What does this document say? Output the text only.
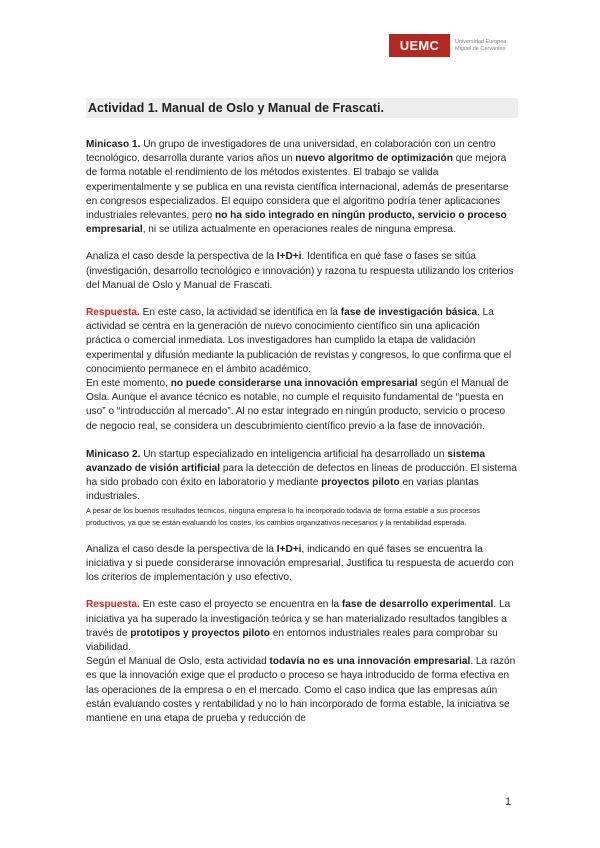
UEMC	Universidad Europea
Miguel de Cervantes
Actividad 1. Manual de Oslo y Manual de Frascati.

Minicaso 1. Un grupo de investigadores de una universidad, en colaboración con un centro tecnológico, desarrolla durante varios años un nuevo algoritmo de optimización que mejora de forma notable el rendimiento de los métodos existentes. El trabajo se valida experimentalmente y se publica en una revista científica internacional, además de presentarse en congresos especializados. El equipo considera que el algoritmo podría tener aplicaciones industriales relevantes, pero no ha sido integrado en ningún producto, servicio o proceso empresarial, ni se utiliza actualmente en operaciones reales de ninguna empresa.

Analiza el caso desde la perspectiva de la I+D+i. Identifica en qué fase o fases se sitúa (investigación, desarrollo tecnológico e innovación) y razona tu respuesta utilizando los criterios del Manual de Oslo y Manual de Frascati.

Respuesta. En este caso, la actividad se identifica en la fase de investigación básica. La actividad se centra en la generación de nuevo conocimiento científico sin una aplicación práctica o comercial inmediata. Los investigadores han cumplido la etapa de validación experimental y difusión mediante la publicación de revistas y congresos, lo que confirma que el conocimiento permanece en el ámbito académico.

En este momento, no puede considerarse una innovación empresarial según el Manual de Osla. Aunque el avance técnico es notable, no cumple el requisito fundamental de “puesta en uso” o “introducción al mercado”. Al no estar integrado en ningún producto, servicio o proceso de negocio real, se considera un descubrimiento científico previo a la fase de innovación.

Minicaso 2. Un startup especializado en inteligencia artificial ha desarrollado un sistema avanzado de visión artificial para la detección de defectos en líneas de producción. El sistema ha sido probado con éxito en laboratorio y mediante proyectos piloto en varias plantas industriales.

A pesar de los buenos resultados técnicos, ninguna empresa lo ha incorporado todavía de forma estable a sus procesos productivos, ya que se están evaluando los costes, los cambios organizativos necesarios y la rentabilidad esperada.

Analiza el caso desde la perspectiva de la I+D+i, indicando en qué fases se encuentra la iniciativa y si puede considerarse innovación empresarial. Justifica tu respuesta de acuerdo con los criterios de implementación y uso efectivo.

Respuesta. En este caso el proyecto se encuentra en la fase de desarrollo experimental. La iniciativa ya ha superado la investigación teórica y se han materializado resultados tangibles a través de prototipos y proyectos piloto en entornos industriales reales para comprobar su viabilidad.

Según el Manual de Oslo, esta actividad todavía no es una innovación empresarial. La razón es que la innovación exige que el producto o proceso se haya introducido de forma efectiva en las operaciones de la empresa o en el mercado. Como el caso indica que las empresas aún están evaluando costes y rentabilidad y no lo han incorporado de forma estable, la iniciativa se mantiene en una etapa de prueba y reducción de

1
